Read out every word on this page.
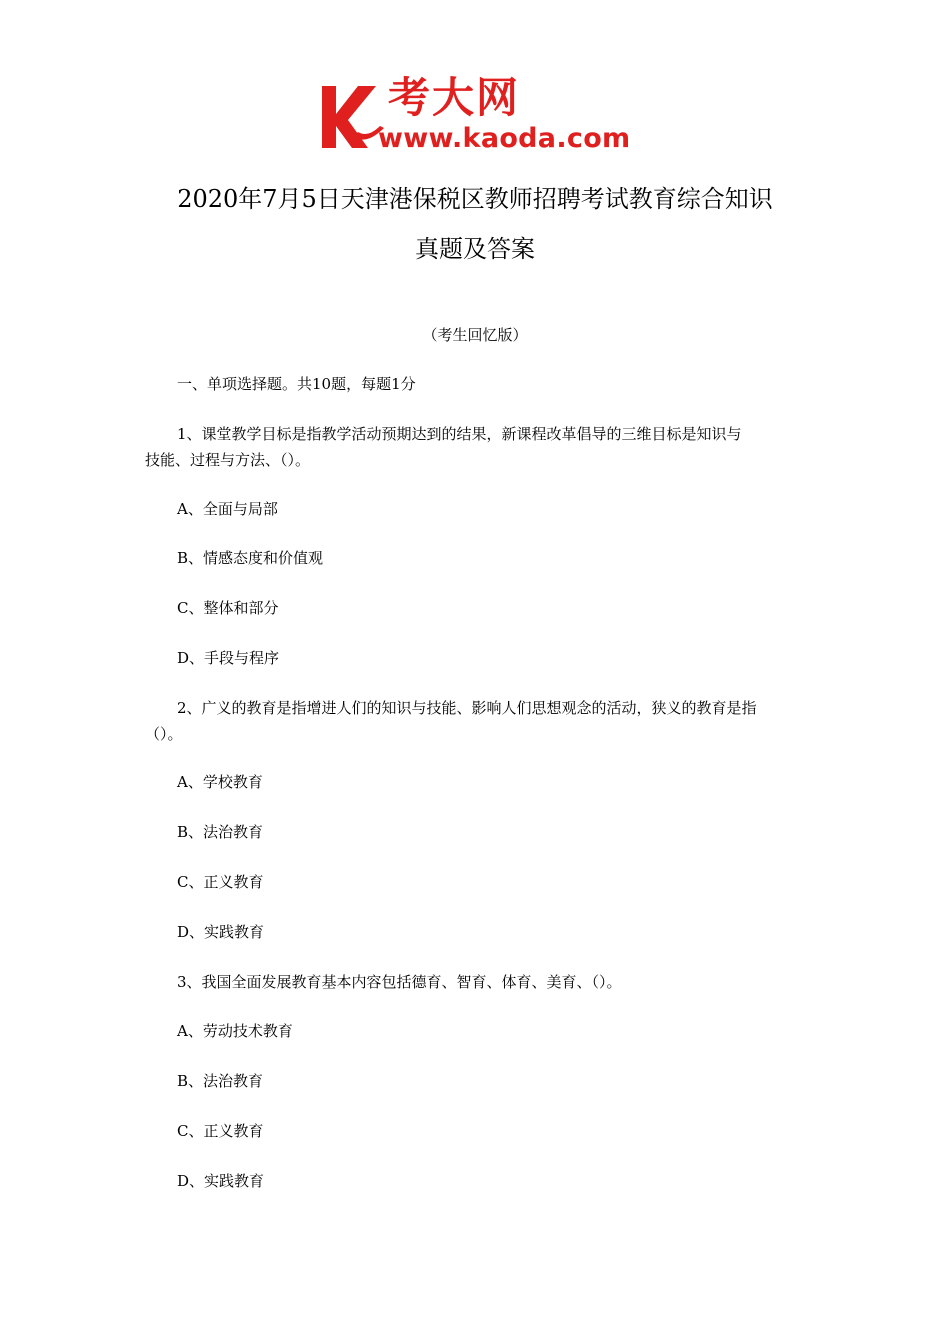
考大网
www.kaoda.com
2020年7月5日天津港保税区教师招聘考试教育综合知识
真题及答案
（考生回忆版）
一、单项选择题。共10题，每题1分
1、课堂教学目标是指教学活动预期达到的结果，新课程改革倡导的三维目标是知识与
技能、过程与方法、（）。
A、全面与局部
B、情感态度和价值观
C、整体和部分
D、手段与程序
2、广义的教育是指增进人们的知识与技能、影响人们思想观念的活动，狭义的教育是指
（）。
A、学校教育
B、法治教育
C、正义教育
D、实践教育
3、我国全面发展教育基本内容包括德育、智育、体育、美育、（）。
A、劳动技术教育
B、法治教育
C、正义教育
D、实践教育
